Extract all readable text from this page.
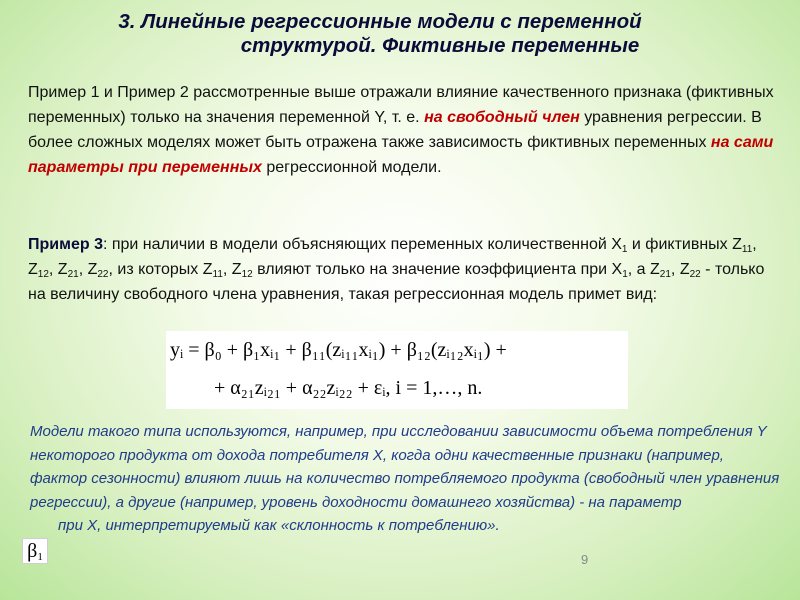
3. Линейные регрессионные модели с переменной
структурой. Фиктивные переменные
Пример 1 и Пример 2 рассмотренные выше отражали влияние качественного признака (фиктивных переменных) только на значения переменной Y, т. е. на свободный член уравнения регрессии. В более сложных моделях может быть отражена также зависимость фиктивных переменных на сами параметры при переменных регрессионной модели.
Пример 3: при наличии в модели объясняющих переменных количественной $X_1$ и фиктивных $Z_{11}$, $Z_{12}$, $Z_{21}$, $Z_{22}$, из которых $Z_{11}$, $Z_{12}$ влияют только на значение коэффициента при $X_1$, а $Z_{21}$, $Z_{22}$ - только на величину свободного члена уравнения, такая регрессионная модель примет вид:
yᵢ = β₀ + β₁xᵢ₁ + β₁₁(zᵢ₁₁xᵢ₁) + β₁₂(zᵢ₁₂xᵢ₁) +
+ α₂₁zᵢ₂₁ + α₂₂zᵢ₂₂ + εᵢ, i = 1,…, n.
Модели такого типа используются, например, при исследовании зависимости объема потребления Y некоторого продукта от дохода потребителя X, когда одни качественные признаки (например, фактор сезонности) влияют лишь на количество потребляемого продукта (свободный член уравнения регрессии), а другие (например, уровень доходности домашнего хозяйства) - на параметр
при X, интерпретируемый как «склонность к потреблению».
$\beta_1$	9
